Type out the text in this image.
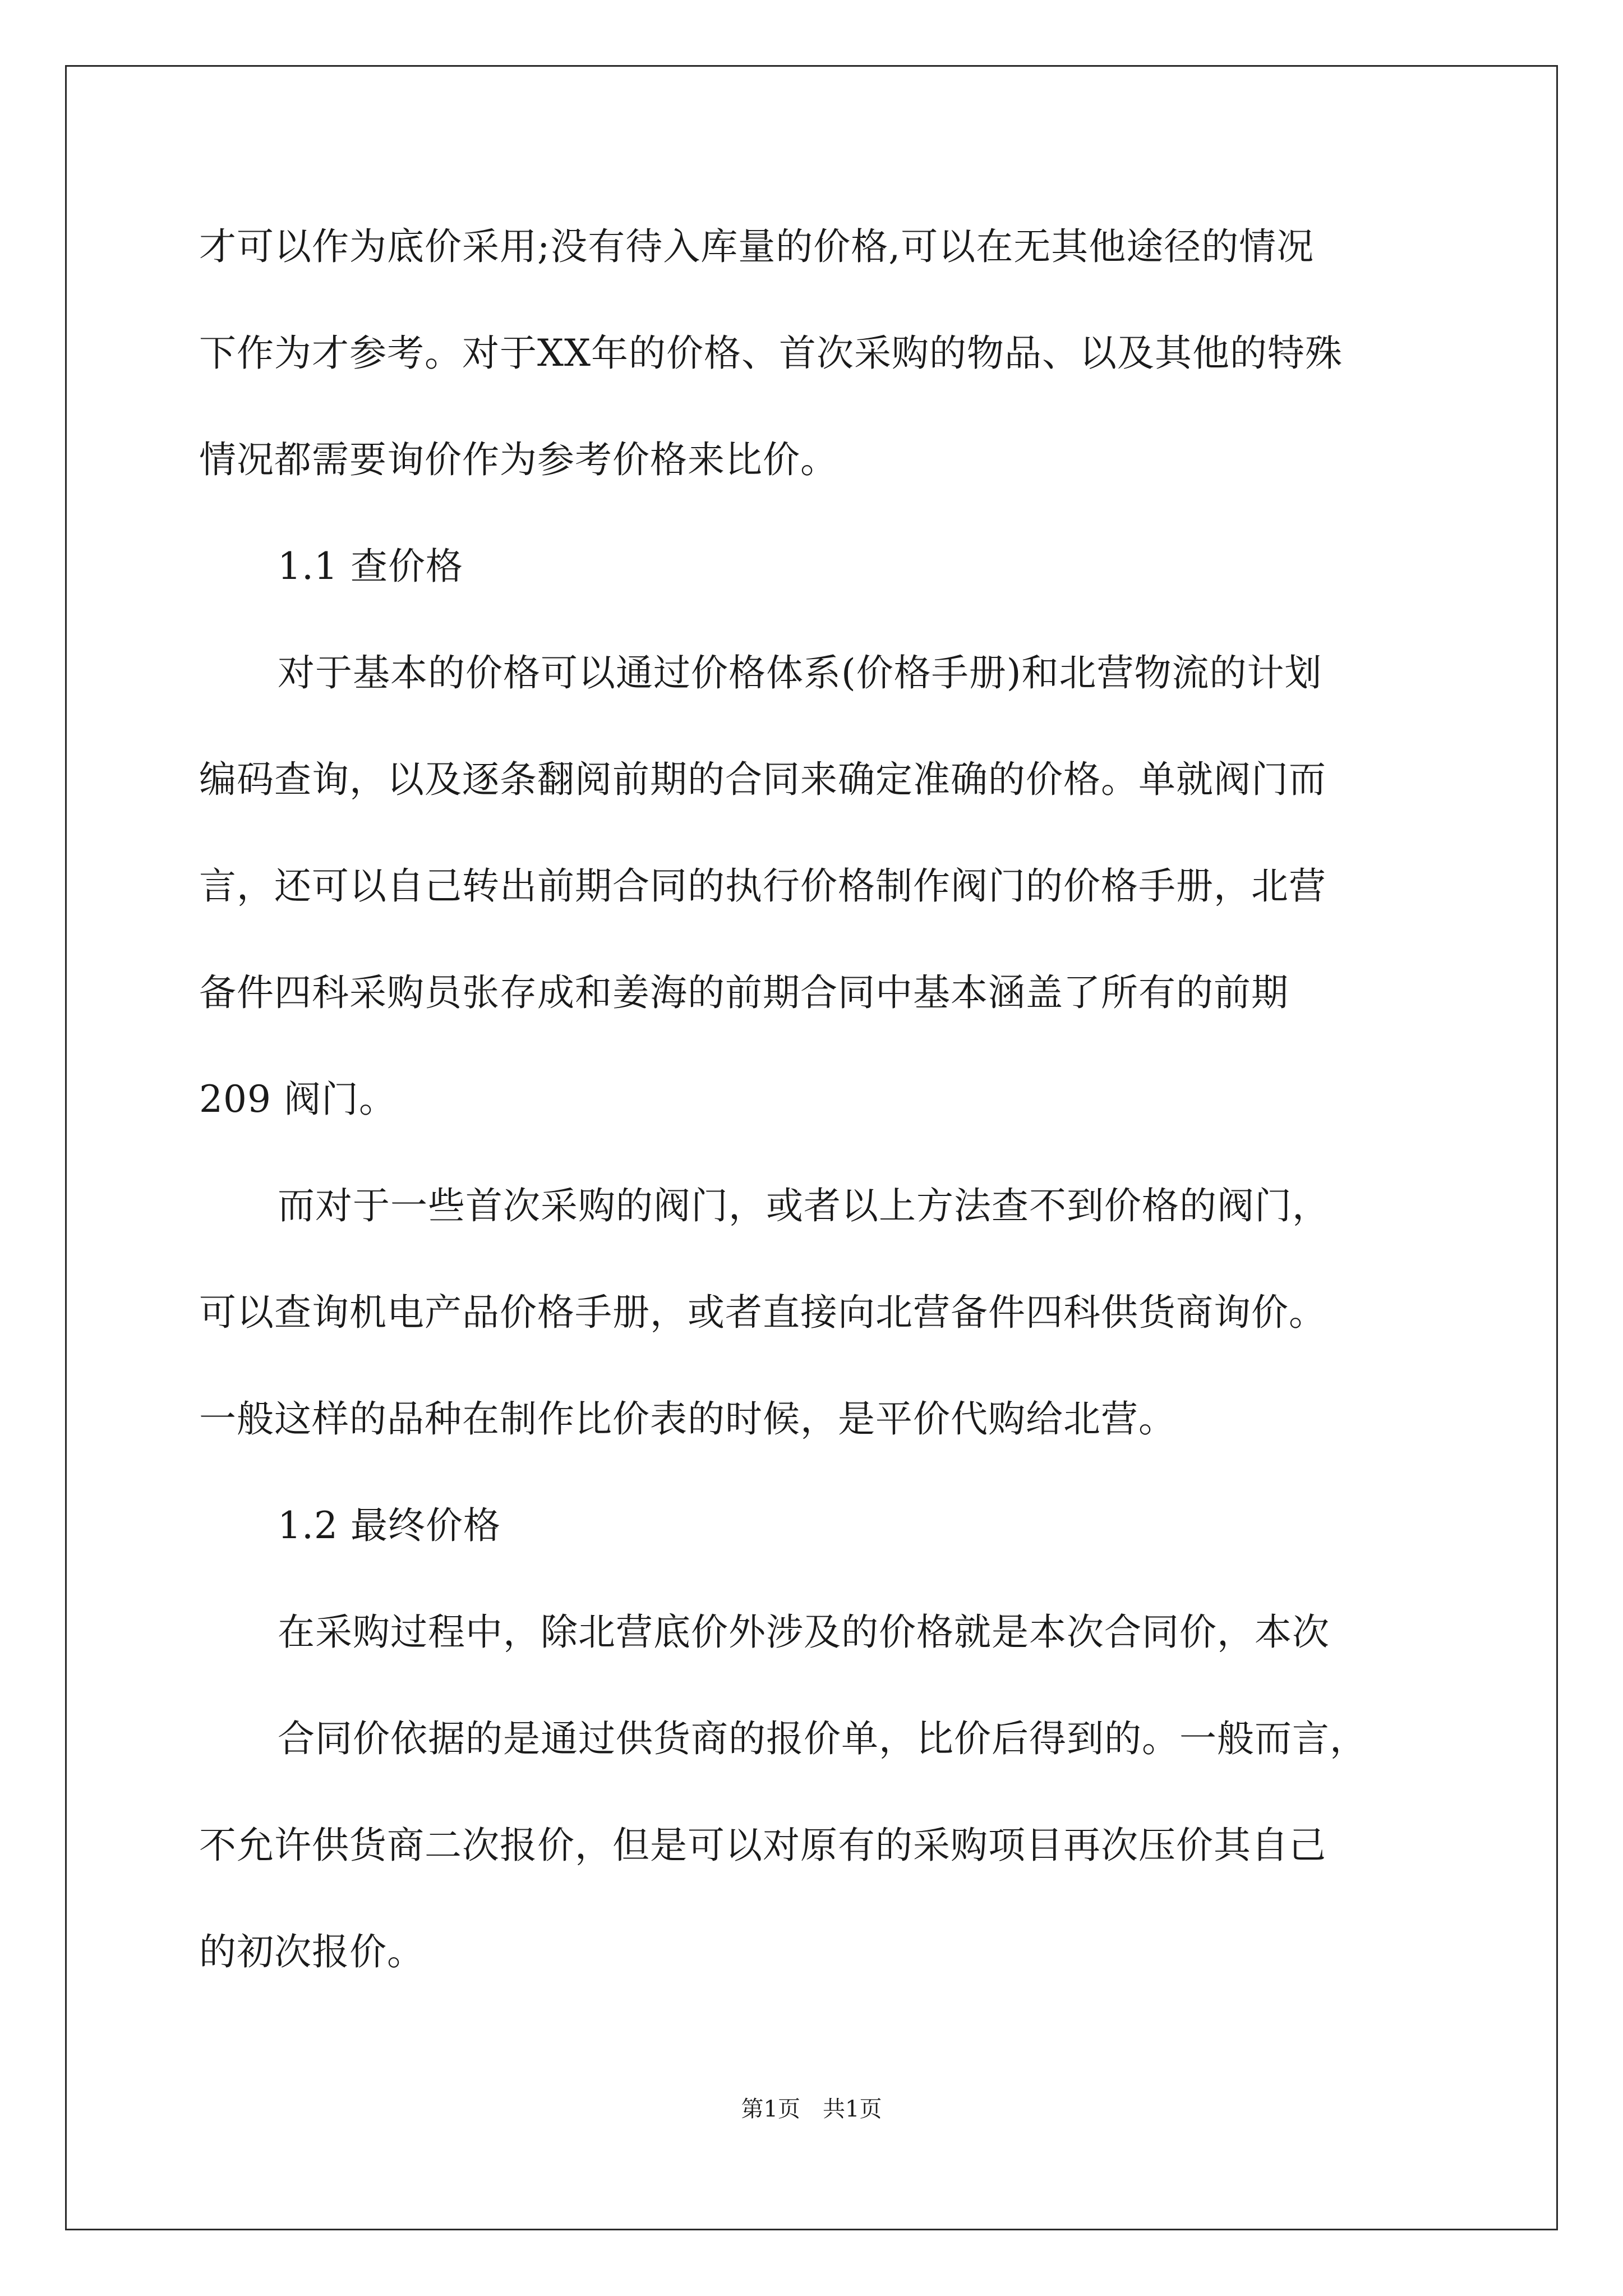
才可以作为底价采用;没有待入库量的价格,可以在无其他途径的情况
下作为才参考。对于XX年的价格、首次采购的物品、以及其他的特殊
情况都需要询价作为参考价格来比价。
1.1 查价格
对于基本的价格可以通过价格体系(价格手册)和北营物流的计划
编码查询，以及逐条翻阅前期的合同来确定准确的价格。单就阀门而
言，还可以自己转出前期合同的执行价格制作阀门的价格手册，北营
备件四科采购员张存成和姜海的前期合同中基本涵盖了所有的前期
209 阀门。
而对于一些首次采购的阀门，或者以上方法查不到价格的阀门，
可以查询机电产品价格手册，或者直接向北营备件四科供货商询价。
一般这样的品种在制作比价表的时候，是平价代购给北营。
1.2 最终价格
在采购过程中，除北营底价外涉及的价格就是本次合同价，本次
合同价依据的是通过供货商的报价单，比价后得到的。一般而言，
不允许供货商二次报价，但是可以对原有的采购项目再次压价其自己
的初次报价。
第1页 共1页
